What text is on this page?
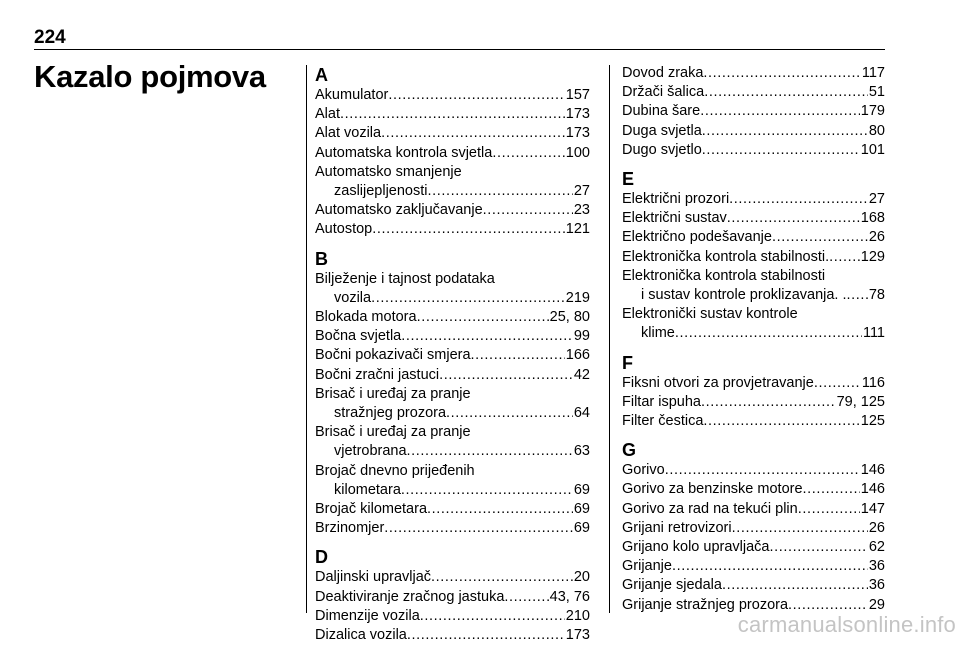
224
Kazalo pojmova	A
Akumulator .....	157
Alat .....	173
Alat vozila .....	173
Automatska kontrola svjetla .....	100
Automatsko smanjenje
zaslijepljenosti .....	27
Automatsko zaključavanje .....	23
Autostop .....	121
B
Bilježenje i tajnost podataka
vozila .....	219
Blokada motora .....	25, 80
Bočna svjetla .....	99
Bočni pokazivači smjera .....	166
Bočni zračni jastuci .....	42
Brisač i uređaj za pranje
stražnjeg prozora .....	64
Brisač i uređaj za pranje
vjetrobrana .....	63
Brojač dnevno prijeđenih
kilometara .....	69
Brojač kilometara .....	69
Brzinomjer .....	69
D
Daljinski upravljač .....	20
Deaktiviranje zračnog jastuka .....	43, 76
Dimenzije vozila .....	210
Dizalica vozila .....	173
Dovod zraka .....	117
Držači šalica .....	51
Dubina šare .....	179
Duga svjetla .....	80
Dugo svjetlo .....	101
E
Električni prozori .....	27
Električni sustav .....	168
Električno podešavanje .....	26
Elektronička kontrola stabilnosti. ..... 129
Elektronička kontrola stabilnosti
i sustav kontrole proklizavanja. . ..... 78
Elektronički sustav kontrole
klime .....	111
F
Fiksni otvori za provjetravanje .....	116
Filtar ispuha .....	79, 125
Filter čestica .....	125
G
Gorivo .....	146
Gorivo za benzinske motore .....	146
Gorivo za rad na tekući plin .....	147
Grijani retrovizori .....	26
Grijano kolo upravljača .....	62
Grijanje .....	36
Grijanje sjedala .....	36
Grijanje stražnjeg prozora .....	29
carmanualsonline.info
